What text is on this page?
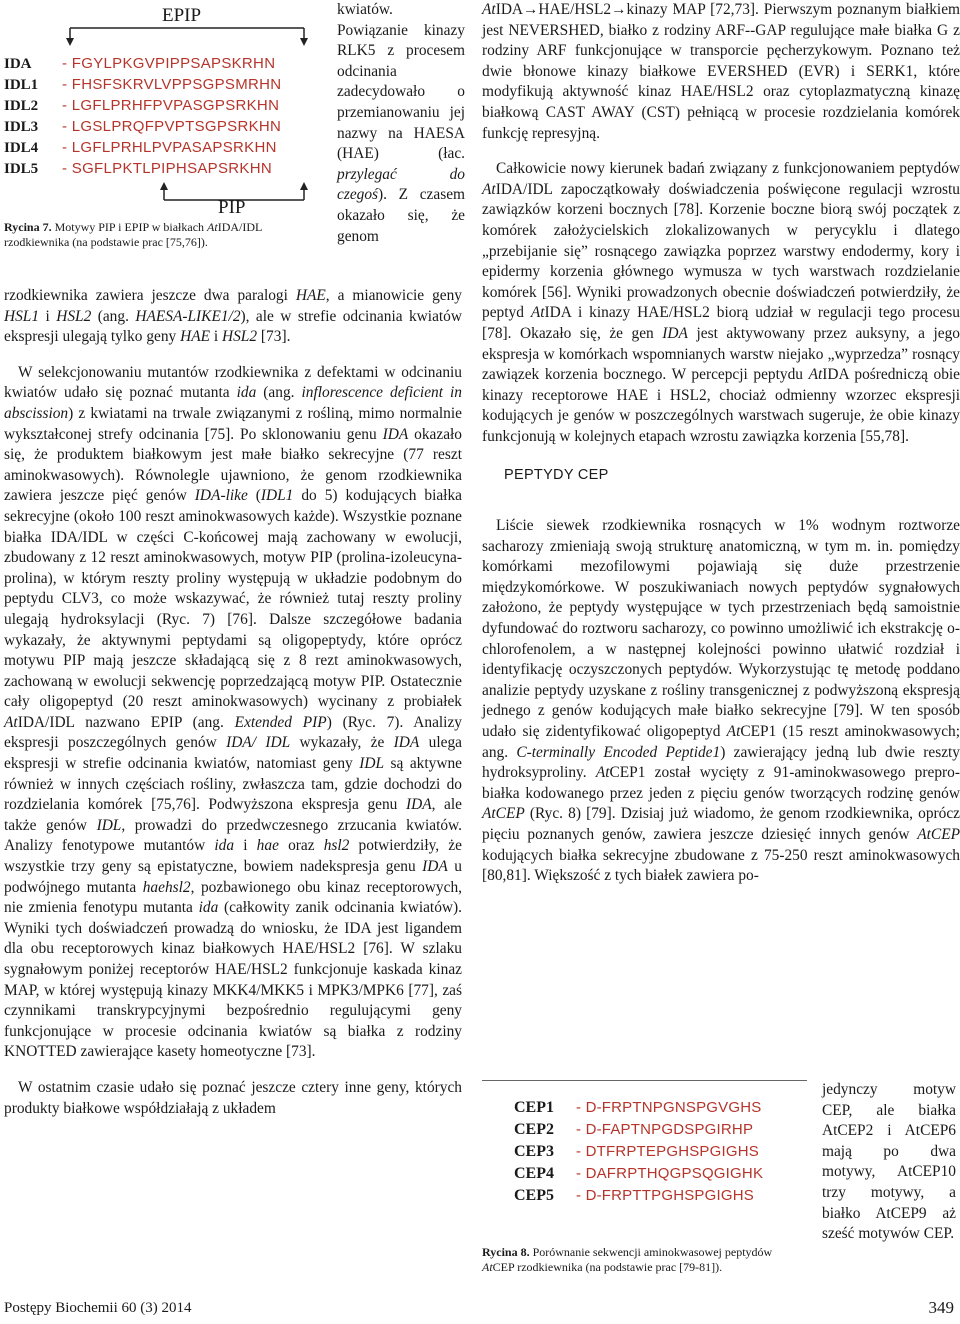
EPIP
IDA - FGYLPKGVPIPPSAPSKRHN
IDL1 - FHSFSKRVLVPPSGPSMRHN
IDL2 - LGFLPRHFPVPASGPSRKHN
IDL3 - LGSLPRQFPVPTSGPSRKHN
IDL4 - LGFLPRHLPVPASAPSRKHN
IDL5 - SGFLPKTLPIPHSAPSRKHN
PIP
Rycina 7. Motywy PIP i EPIP w białkach AtIDA/IDL rzodkiewnika (na podstawie prac [75,76]).
kwiatów. Powiązanie kinazy RLK5 z procesem odcinania zadecydowało o przemianowaniu jej nazwy na HAESA (HAE) (łac. przylegać do czegoś). Z czasem okazało się, że genom

rzodkiewnika zawiera jeszcze dwa paralogi HAE, a mianowicie geny HSL1 i HSL2 (ang. HAESA-LIKE1/2), ale w strefie odcinania kwiatów ekspresji ulegają tylko geny HAE i HSL2 [73].

W selekcjonowaniu mutantów rzodkiewnika z defektami w odcinaniu kwiatów udało się poznać mutanta ida (ang. inflorescence deficient in abscission) z kwiatami na trwale związanymi z rośliną, mimo normalnie wykształconej strefy odcinania [75]. Po sklonowaniu genu IDA okazało się, że produktem białkowym jest małe białko sekrecyjne (77 reszt aminokwasowych). Równolegle ujawniono, że genom rzodkiewnika zawiera jeszcze pięć genów IDA-like (IDL1 do 5) kodujących białka sekrecyjne (około 100 reszt aminokwasowych każde). Wszystkie poznane białka IDA/IDL w części C-końcowej mają zachowany w ewolucji, zbudowany z 12 reszt aminokwasowych, motyw PIP (prolina-izoleucyna-prolina), w którym reszty proliny występują w układzie podobnym do peptydu CLV3, co może wskazywać, że również tutaj reszty proliny ulegają hydroksylacji (Ryc. 7) [76]. Dalsze szczegółowe badania wykazały, że aktywnymi peptydami są oligopeptydy, które oprócz motywu PIP mają jeszcze składającą się z 8 rezt aminokwasowych, zachowaną w ewolucji sekwencję poprzedzającą motyw PIP. Ostatecznie cały oligopeptyd (20 reszt aminokwasowych) wycinany z probiałek AtIDA/IDL nazwano EPIP (ang. Extended PIP) (Ryc. 7). Analizy ekspresji poszczególnych genów IDA/ IDL wykazały, że IDA ulega ekspresji w strefie odcinania kwiatów, natomiast geny IDL są aktywne również w innych częściach rośliny, zwłaszcza tam, gdzie dochodzi do rozdzielania komórek [75,76]. Podwyższona ekspresja genu IDA, ale także genów IDL, prowadzi do przedwczesnego zrzucania kwiatów. Analizy fenotypowe mutantów ida i hae oraz hsl2 potwierdziły, że wszystkie trzy geny są epistatyczne, bowiem nadekspresja genu IDA u podwójnego mutanta haehsl2, pozbawionego obu kinaz receptorowych, nie zmienia fenotypu mutanta ida (całkowity zanik odcinania kwiatów). Wyniki tych doświadczeń prowadzą do wniosku, że IDA jest ligandem dla obu receptorowych kinaz białkowych HAE/HSL2 [76]. W szlaku sygnałowym poniżej receptorów HAE/HSL2 funkcjonuje kaskada kinaz MAP, w której występują kinazy MKK4/MKK5 i MPK3/MPK6 [77], zaś czynnikami transkrypcyjnymi bezpośrednio regulującymi geny funkcjonujące w procesie odcinania kwiatów są białka z rodziny KNOTTED zawierające kasety homeotyczne [73].

W ostatnim czasie udało się poznać jeszcze cztery inne geny, których produkty białkowe współdziałają z układem

AtIDA→HAE/HSL2→kinazy MAP [72,73]. Pierwszym poznanym białkiem jest NEVERSHED, białko z rodziny ARF--GAP regulujące małe białka G z rodziny ARF funkcjonujące w transporcie pęcherzykowym. Poznano też dwie błonowe kinazy białkowe EVERSHED (EVR) i SERK1, które modyfikują aktywność kinaz HAE/HSL2 oraz cytoplazmatyczną kinazę białkową CAST AWAY (CST) pełniącą w procesie rozdzielania komórek funkcję represyjną.

Całkowicie nowy kierunek badań związany z funkcjonowaniem peptydów AtIDA/IDL zapoczątkowały doświadczenia poświęcone regulacji wzrostu zawiązków korzeni bocznych [78]. Korzenie boczne biorą swój początek z komórek założycielskich zlokalizowanych w perycyklu i dlatego „przebijanie się” rosnącego zawiązka poprzez warstwy endodermy, kory i epidermy korzenia głównego wymusza w tych warstwach rozdzielanie komórek [56]. Wyniki prowadzonych obecnie doświadczeń potwierdziły, że peptyd AtIDA i kinazy HAE/HSL2 biorą udział w regulacji tego procesu [78]. Okazało się, że gen IDA jest aktywowany przez auksyny, a jego ekspresja w komórkach wspomnianych warstw niejako „wyprzedza” rosnący zawiązek korzenia bocznego. W percepcji peptydu AtIDA pośredniczą obie kinazy receptorowe HAE i HSL2, chociaż odmienny wzorzec ekspresji kodujących je genów w poszczególnych warstwach sugeruje, że obie kinazy funkcjonują w kolejnych etapach wzrostu zawiązka korzenia [55,78].

PEPTYDY CEP

Liście siewek rzodkiewnika rosnących w 1% wodnym roztworze sacharozy zmieniają swoją strukturę anatomiczną, w tym m. in. pomiędzy komórkami mezofilowymi pojawiają się duże przestrzenie międzykomórkowe. W poszukiwaniach nowych peptydów sygnałowych założono, że peptydy występujące w tych przestrzeniach będą samoistnie dyfundować do roztworu sacharozy, co powinno umożliwić ich ekstrakcję o-chlorofenolem, a w następnej kolejności powinno ułatwić rozdział i identyfikację oczyszczonych peptydów. Wykorzystując tę metodę poddano analizie peptydy uzyskane z rośliny transgenicznej z podwyższoną ekspresją jednego z genów kodujących małe białko sekrecyjne [79]. W ten sposób udało się zidentyfikować oligopeptyd AtCEP1 (15 reszt aminokwasowych; ang. C-terminally Encoded Peptide1) zawierający jedną lub dwie reszty hydroksyproliny. AtCEP1 został wycięty z 91-aminokwasowego preprobiałka kodowanego przez jeden z pięciu genów tworzących rodzinę genów AtCEP (Ryc. 8) [79]. Dzisiaj już wiadomo, że genom rzodkiewnika, oprócz pięciu poznanych genów, zawiera jeszcze dziesięć innych genów AtCEP kodujących białka sekrecyjne zbudowane z 75-250 reszt aminokwasowych [80,81]. Większość z tych białek zawiera po-

CEP1 - D-FRPTNPGNSPGVGHS
CEP2 - D-FAPTNPGDSPGIRHP
CEP3 - DTFRPTEPGHSPGIGHS
CEP4 - DAFRPTHQGPSQGIGHK
CEP5 - D-FRPTTPGHSPGIGHS
Rycina 8. Porównanie sekwencji aminokwasowej peptydów AtCEP rzodkiewnika (na podstawie prac [79-81]).
jedynczy motyw CEP, ale białka AtCEP2 i AtCEP6 mają po dwa motywy, AtCEP10 trzy motywy, a białko AtCEP9 aż sześć motywów CEP.
Postępy Biochemii 60 (3) 2014	349
